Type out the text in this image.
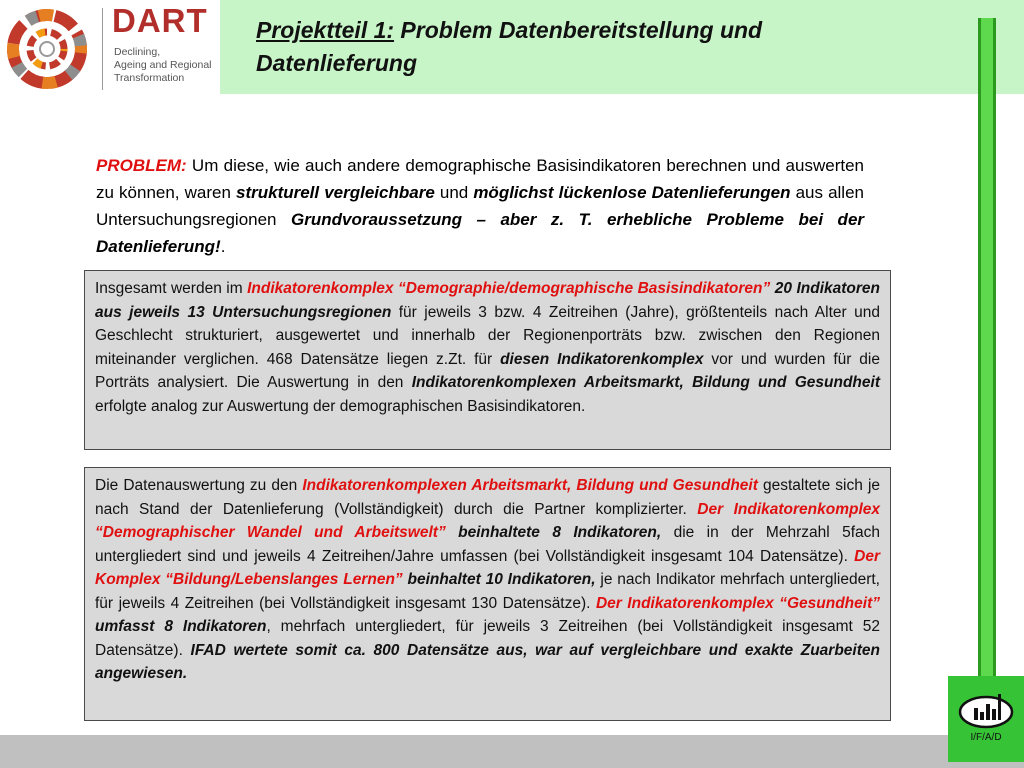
DART
Declining,
Ageing and Regional
Transformation
Projektteil 1: Problem Datenbereitstellung und Datenlieferung
PROBLEM: Um diese, wie auch andere demographische Basisindikatoren berechnen und auswerten zu können, waren strukturell vergleichbare und möglichst lückenlose Datenlieferungen aus allen Untersuchungsregionen Grundvoraussetzung – aber z. T. erhebliche Probleme bei der Datenlieferung!.
Insgesamt werden im Indikatorenkomplex “Demographie/demographische Basisindikatoren” 20 Indikatoren aus jeweils 13 Untersuchungsregionen für jeweils 3 bzw. 4 Zeitreihen (Jahre), größtenteils nach Alter und Geschlecht strukturiert, ausgewertet und innerhalb der Regionenporträts bzw. zwischen den Regionen miteinander verglichen. 468 Datensätze liegen z.Zt. für diesen Indikatorenkomplex vor und wurden für die Porträts analysiert. Die Auswertung in den Indikatorenkomplexen Arbeitsmarkt, Bildung und Gesundheit erfolgte analog zur Auswertung der demographischen Basisindikatoren.
Die Datenauswertung zu den Indikatorenkomplexen Arbeitsmarkt, Bildung und Gesundheit gestaltete sich je nach Stand der Datenlieferung (Vollständigkeit) durch die Partner komplizierter. Der Indikatorenkomplex “Demographischer Wandel und Arbeitswelt” beinhaltete 8 Indikatoren, die in der Mehrzahl 5fach untergliedert sind und jeweils 4 Zeitreihen/Jahre umfassen (bei Vollständigkeit insgesamt 104 Datensätze). Der Komplex “Bildung/Lebenslanges Lernen” beinhaltet 10 Indikatoren, je nach Indikator mehrfach untergliedert, für jeweils 4 Zeitreihen (bei Vollständigkeit insgesamt 130 Datensätze). Der Indikatorenkomplex “Gesundheit” umfasst 8 Indikatoren, mehrfach untergliedert, für jeweils 3 Zeitreihen (bei Vollständigkeit insgesamt 52 Datensätze). IFAD wertete somit ca. 800 Datensätze aus, war auf vergleichbare und exakte Zuarbeiten angewiesen.
I/F/A/D
